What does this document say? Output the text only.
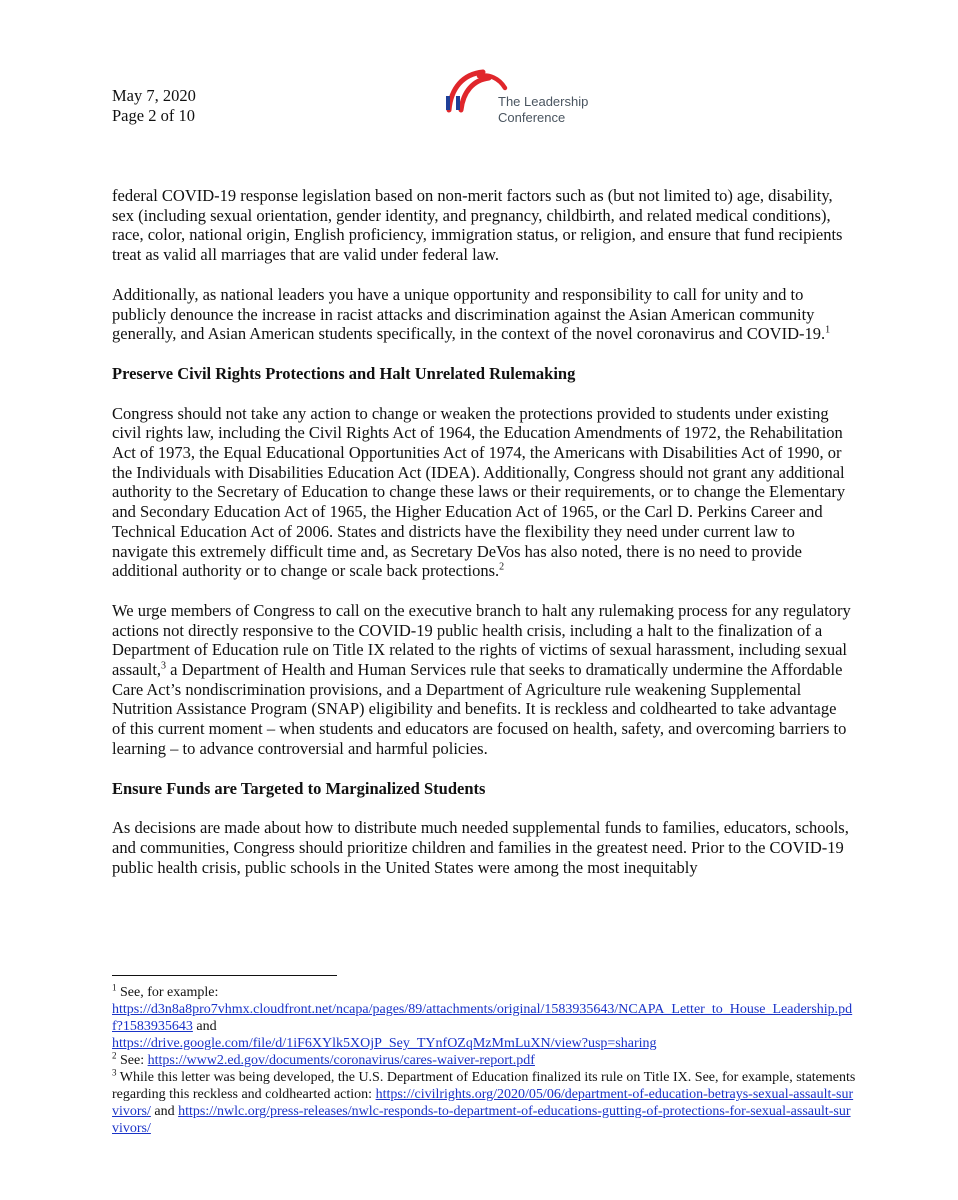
May 7, 2020
Page 2 of 10
The Leadership
Conference

federal COVID-19 response legislation based on non-merit factors such as (but not limited to) age, disability, sex (including sexual orientation, gender identity, and pregnancy, childbirth, and related medical conditions), race, color, national origin, English proficiency, immigration status, or religion, and ensure that fund recipients treat as valid all marriages that are valid under federal law.

Additionally, as national leaders you have a unique opportunity and responsibility to call for unity and to publicly denounce the increase in racist attacks and discrimination against the Asian American community generally, and Asian American students specifically, in the context of the novel coronavirus and COVID-19.$^1$

Preserve Civil Rights Protections and Halt Unrelated Rulemaking

Congress should not take any action to change or weaken the protections provided to students under existing civil rights law, including the Civil Rights Act of 1964, the Education Amendments of 1972, the Rehabilitation Act of 1973, the Equal Educational Opportunities Act of 1974, the Americans with Disabilities Act of 1990, or the Individuals with Disabilities Education Act (IDEA). Additionally, Congress should not grant any additional authority to the Secretary of Education to change these laws or their requirements, or to change the Elementary and Secondary Education Act of 1965, the Higher Education Act of 1965, or the Carl D. Perkins Career and Technical Education Act of 2006. States and districts have the flexibility they need under current law to navigate this extremely difficult time and, as Secretary DeVos has also noted, there is no need to provide additional authority or to change or scale back protections.$^2$

We urge members of Congress to call on the executive branch to halt any rulemaking process for any regulatory actions not directly responsive to the COVID-19 public health crisis, including a halt to the finalization of a Department of Education rule on Title IX related to the rights of victims of sexual harassment, including sexual assault,$^3$ a Department of Health and Human Services rule that seeks to dramatically undermine the Affordable Care Act’s nondiscrimination provisions, and a Department of Agriculture rule weakening Supplemental Nutrition Assistance Program (SNAP) eligibility and benefits. It is reckless and coldhearted to take advantage of this current moment – when students and educators are focused on health, safety, and overcoming barriers to learning – to advance controversial and harmful policies.

Ensure Funds are Targeted to Marginalized Students

As decisions are made about how to distribute much needed supplemental funds to families, educators, schools, and communities, Congress should prioritize children and families in the greatest need. Prior to the COVID-19 public health crisis, public schools in the United States were among the most inequitably

$^1$ See, for example:
https://d3n8a8pro7vhmx.cloudfront.net/ncapa/pages/89/attachments/original/1583935643/NCAPA_Letter_to_House_Leadership.pdf?1583935643 and
https://drive.google.com/file/d/1iF6XYlk5XOjP_Sey_TYnfOZqMzMmLuXN/view?usp=sharing
$^2$ See: https://www2.ed.gov/documents/coronavirus/cares-waiver-report.pdf
$^3$ While this letter was being developed, the U.S. Department of Education finalized its rule on Title IX. See, for example, statements regarding this reckless and coldhearted action: https://civilrights.org/2020/05/06/department-of-education-betrays-sexual-assault-survivors/ and https://nwlc.org/press-releases/nwlc-responds-to-department-of-educations-gutting-of-protections-for-sexual-assault-survivors/
